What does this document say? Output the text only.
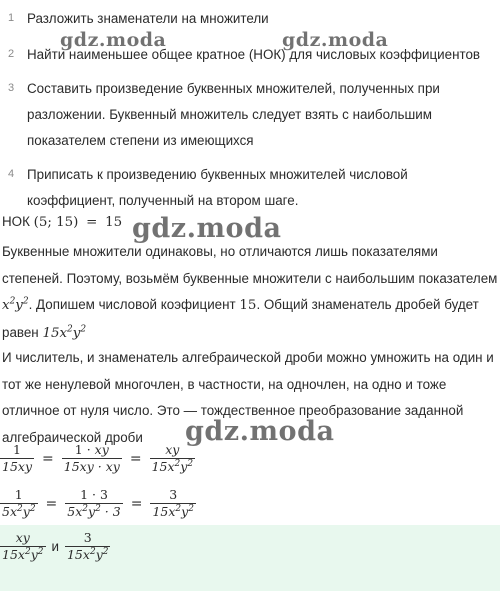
gdz.moda	gdz.moda
gdz.moda
gdz.moda
1 Разложить знаменатели на множители
2 Найти наименьшее общее кратное (НОК) для числовых коэффициентов
3 Составить произведение буквенных множителей, полученных при разложении. Буквенный множитель следует взять с наибольшим показателем степени из имеющихся
4 Приписать к произведению буквенных множителей числовой коэффициент, полученный на втором шаге.
НОК (5; 15) = 15
Буквенные множители одинаковы, но отличаются лишь показателями степеней. Поэтому, возьмём буквенные множители с наибольшим показателем $x^2y^2$. Допишем числовой коэфициент 15. Общий знаменатель дробей будет равен $15x^2y^2$
И числитель, и знаменатель алгебраической дроби можно умножить на один и тот же ненулевой многочлен, в частности, на одночлен, на одно и тоже отличное от нуля число. Это — тождественное преобразование заданной алгебраической дроби
$\frac{1}{15xy} = \frac{1 \cdot xy}{15xy \cdot xy} = \frac{xy}{15x^2y^2}$
$\frac{1}{5x^2y^2} = \frac{1 \cdot 3}{5x^2y^2 \cdot 3} = \frac{3}{15x^2y^2}$
$\frac{xy}{15x^2y^2}$ и $\frac{3}{15x^2y^2}$
